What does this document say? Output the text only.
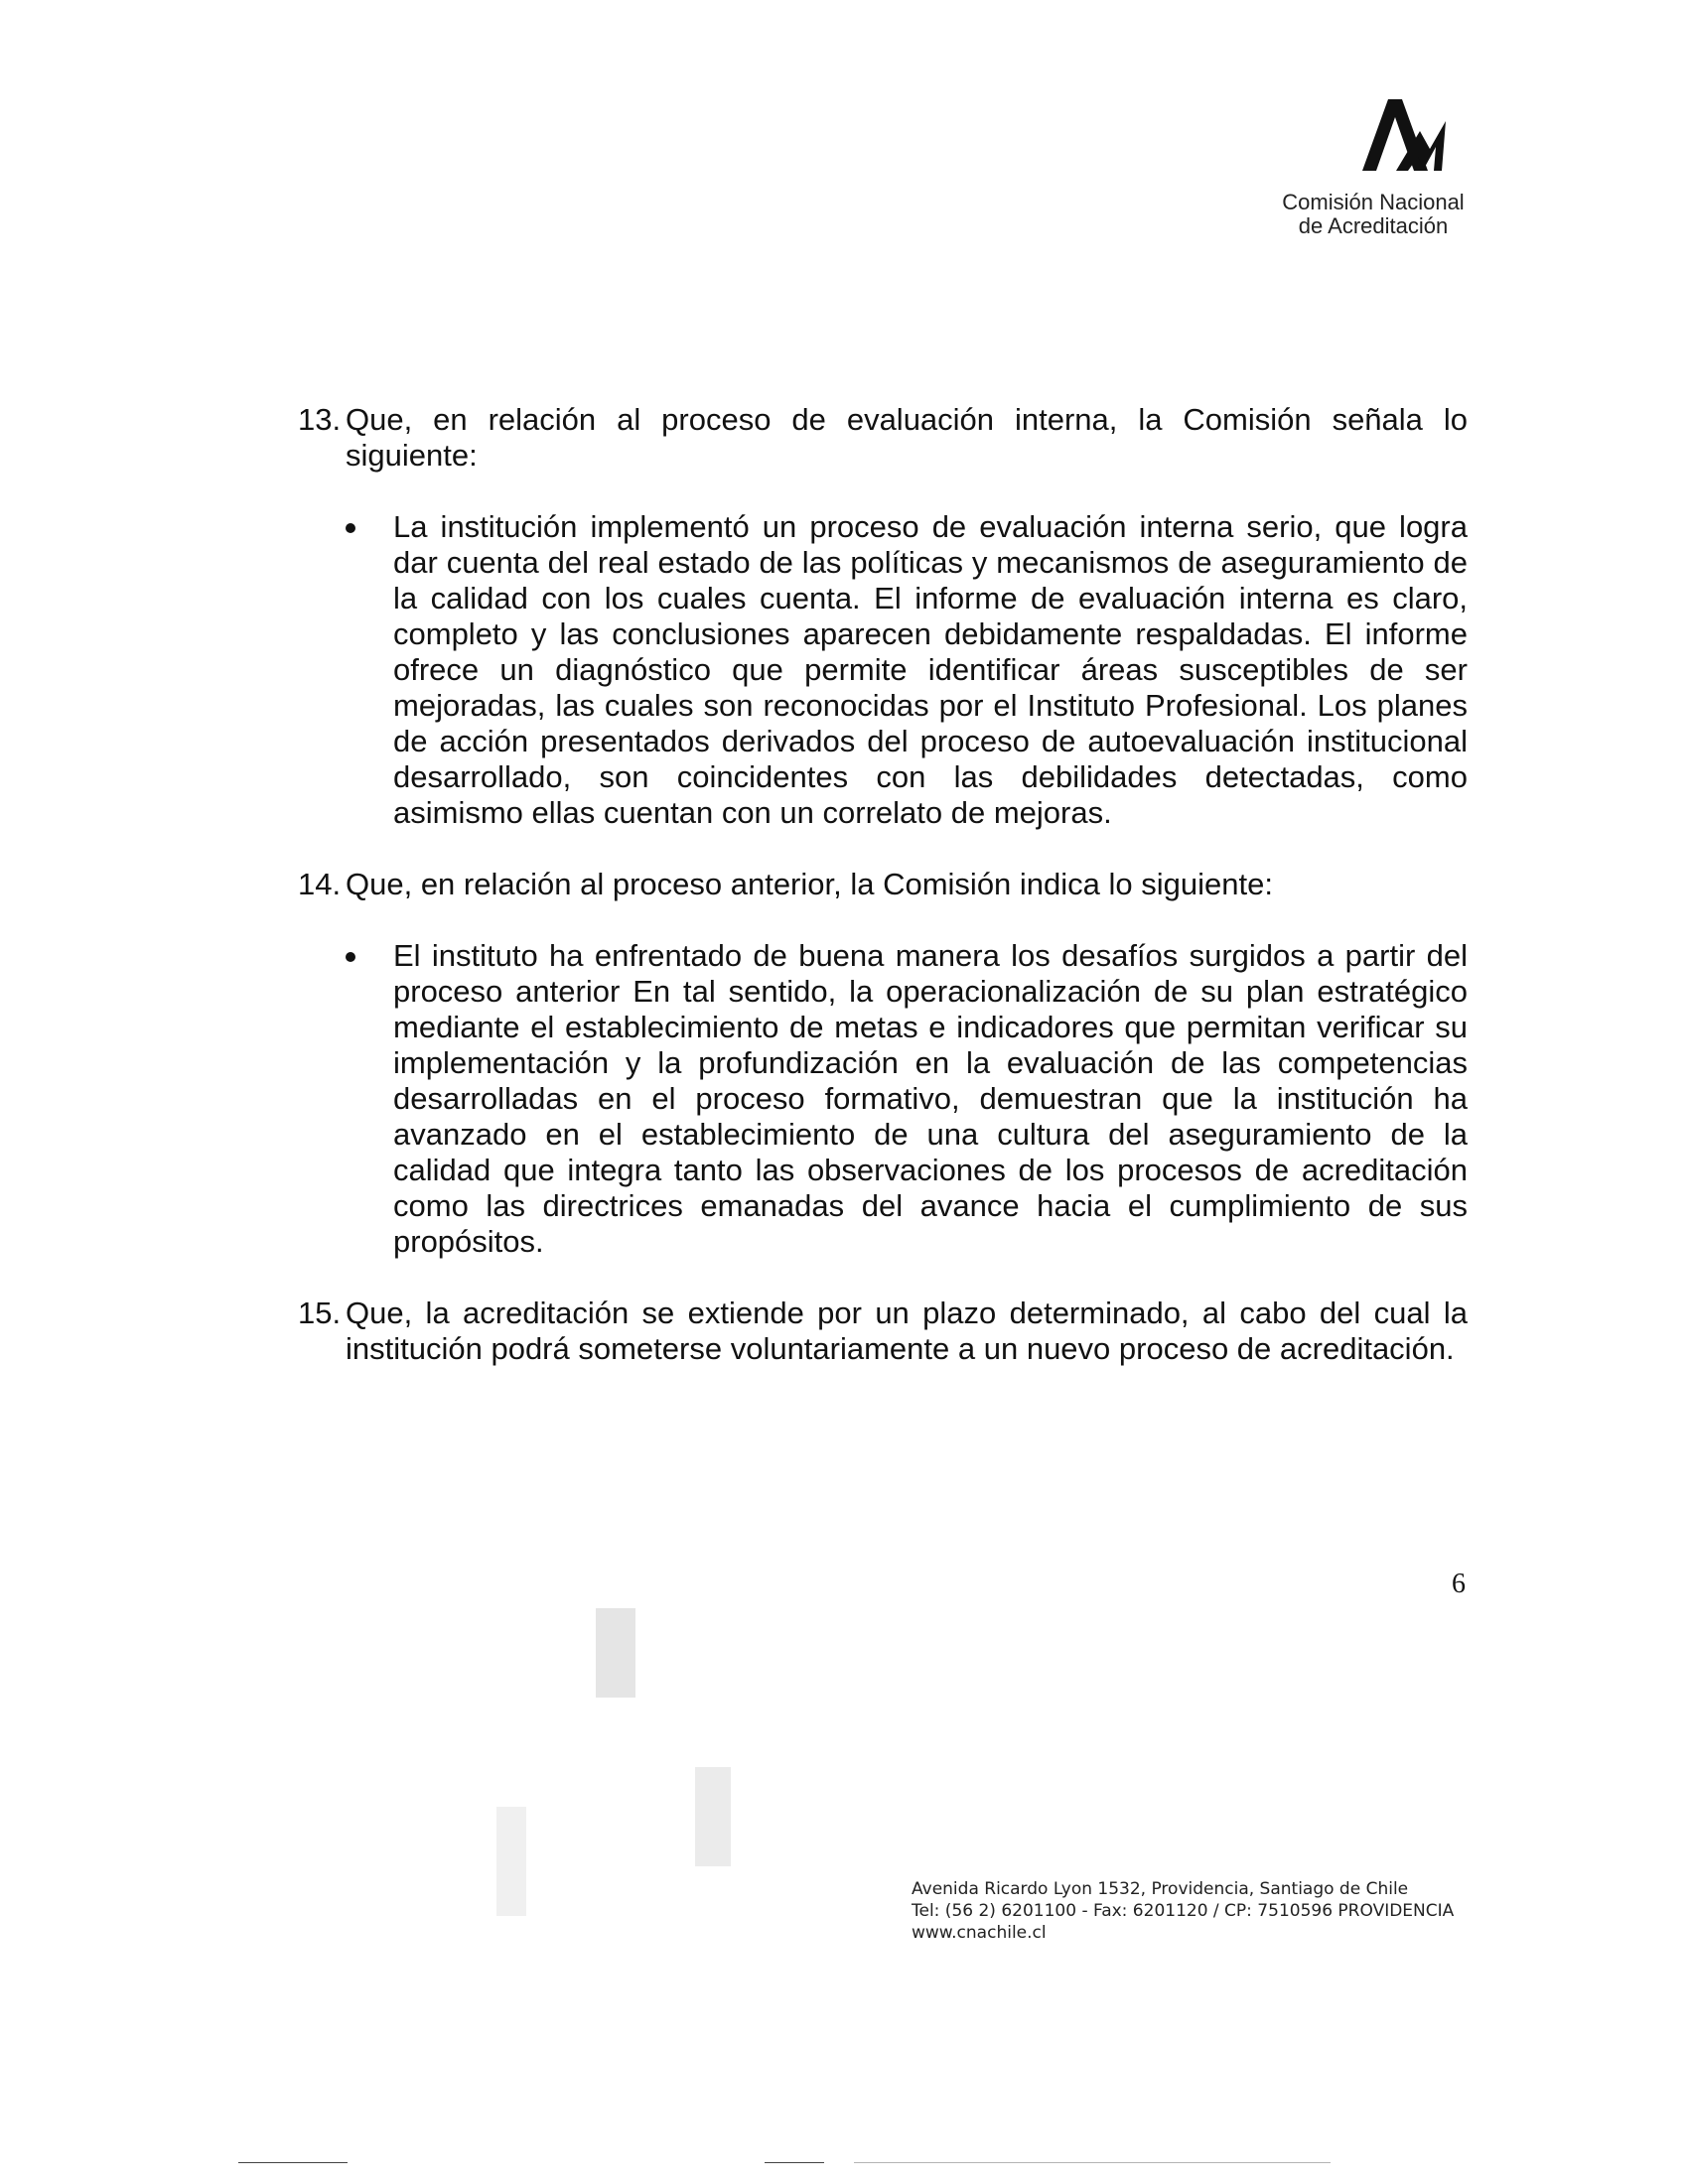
Comisión Nacional
de Acreditación
13. Que, en relación al proceso de evaluación interna, la Comisión señala lo siguiente:
La institución implementó un proceso de evaluación interna serio, que logra dar cuenta del real estado de las políticas y mecanismos de aseguramiento de la calidad con los cuales cuenta. El informe de evaluación interna es claro, completo y las conclusiones aparecen debidamente respaldadas. El informe ofrece un diagnóstico que permite identificar áreas susceptibles de ser mejoradas, las cuales son reconocidas por el Instituto Profesional. Los planes de acción presentados derivados del proceso de autoevaluación institucional desarrollado, son coincidentes con las debilidades detectadas, como asimismo ellas cuentan con un correlato de mejoras.
14. Que, en relación al proceso anterior, la Comisión indica lo siguiente:
El instituto ha enfrentado de buena manera los desafíos surgidos a partir del proceso anterior En tal sentido, la operacionalización de su plan estratégico mediante el establecimiento de metas e indicadores que permitan verificar su implementación y la profundización en la evaluación de las competencias desarrolladas en el proceso formativo, demuestran que la institución ha avanzado en el establecimiento de una cultura del aseguramiento de la calidad que integra tanto las observaciones de los procesos de acreditación como las directrices emanadas del avance hacia el cumplimiento de sus propósitos.
15. Que, la acreditación se extiende por un plazo determinado, al cabo del cual la institución podrá someterse voluntariamente a un nuevo proceso de acreditación.
6
Avenida Ricardo Lyon 1532, Providencia, Santiago de Chile
Tel: (56 2) 6201100 - Fax: 6201120 / CP: 7510596 PROVIDENCIA
www.cnachile.cl
